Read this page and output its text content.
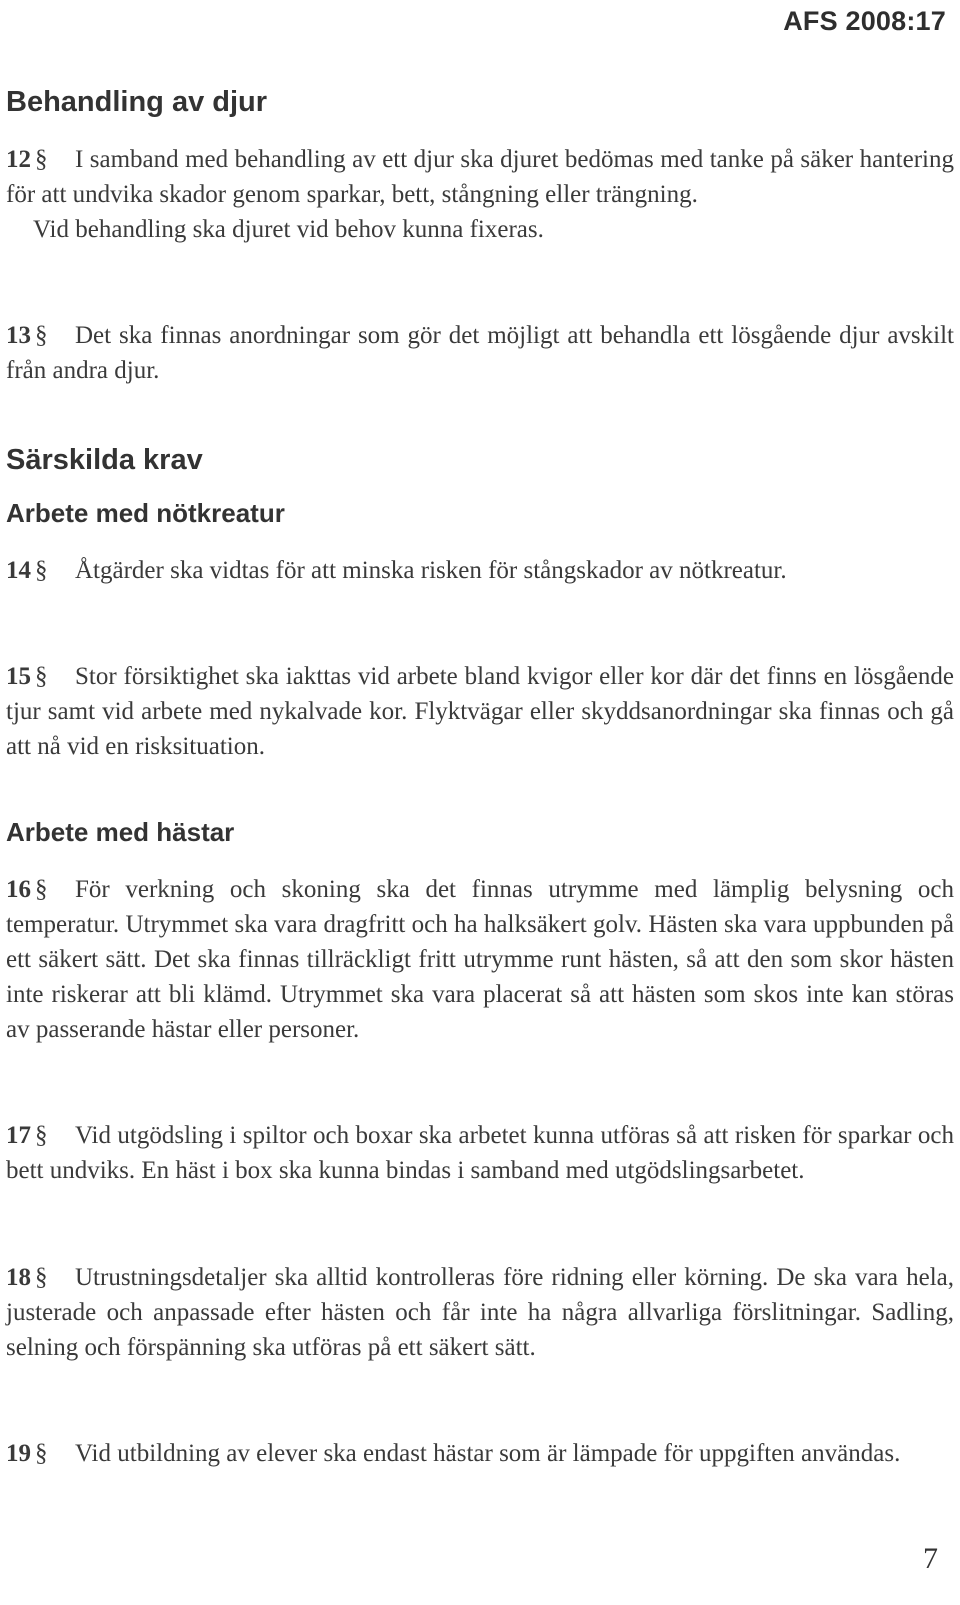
AFS 2008:17
Behandling av djur

12 § I samband med behandling av ett djur ska djuret bedömas med tanke på säker hantering för att undvika skador genom sparkar, bett, stångning eller trängning.
Vid behandling ska djuret vid behov kunna fixeras.

13 § Det ska finnas anordningar som gör det möjligt att behandla ett lösgående djur avskilt från andra djur.

Särskilda krav
Arbete med nötkreatur

14 § Åtgärder ska vidtas för att minska risken för stångskador av nötkreatur.

15 § Stor försiktighet ska iakttas vid arbete bland kvigor eller kor där det finns en lösgående tjur samt vid arbete med nykalvade kor. Flyktvägar eller skyddsanordningar ska finnas och gå att nå vid en risksituation.

Arbete med hästar

16 § För verkning och skoning ska det finnas utrymme med lämplig belysning och temperatur. Utrymmet ska vara dragfritt och ha halksäkert golv. Hästen ska vara uppbunden på ett säkert sätt. Det ska finnas tillräckligt fritt utrymme runt hästen, så att den som skor hästen inte riskerar att bli klämd. Utrymmet ska vara placerat så att hästen som skos inte kan störas av passerande hästar eller personer.

17 § Vid utgödsling i spiltor och boxar ska arbetet kunna utföras så att risken för sparkar och bett undviks. En häst i box ska kunna bindas i samband med utgödslingsarbetet.

18 § Utrustningsdetaljer ska alltid kontrolleras före ridning eller körning. De ska vara hela, justerade och anpassade efter hästen och får inte ha några allvarliga förslitningar. Sadling, selning och förspänning ska utföras på ett säkert sätt.

19 § Vid utbildning av elever ska endast hästar som är lämpade för uppgiften användas.

7
